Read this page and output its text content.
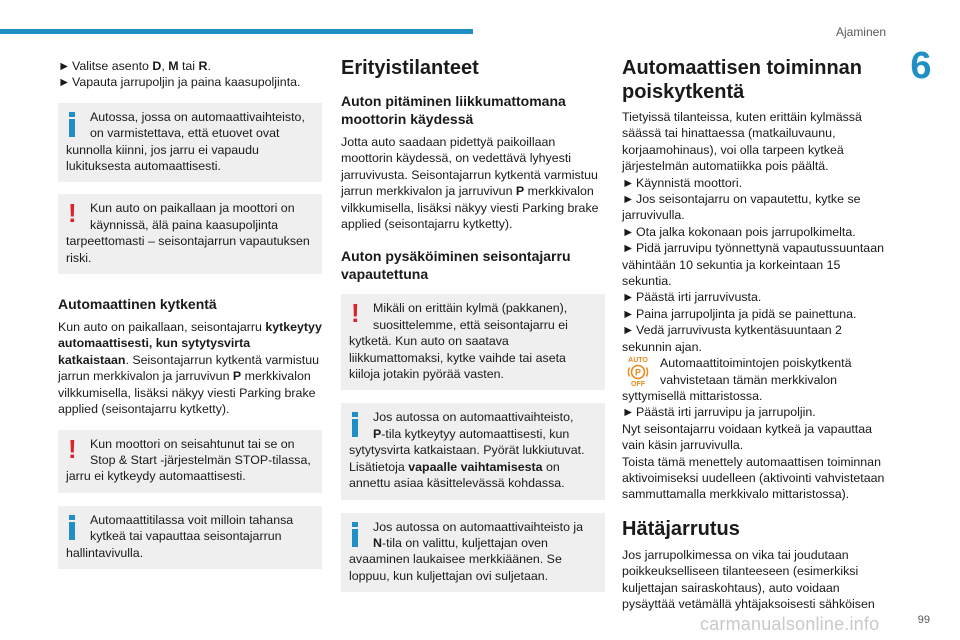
Ajaminen
6
99
carmanualsonline.info

► Valitse asento D, M tai R.

► Vapauta jarrupoljin ja paina kaasupoljinta.

Autossa, jossa on automaattivaihteisto,

on varmistettava, että etuovet ovat

kunnolla kiinni, jos jarru ei vapaudu lukituksesta automaattisesti.

!	Kun auto on paikallaan ja moottori on

käynnissä, älä paina kaasupoljinta

tarpeettomasti – seisontajarrun vapautuksen riski.

Automaattinen kytkentä

Kun auto on paikallaan, seisontajarru kytkeytyy automaattisesti, kun sytytysvirta katkaistaan. Seisontajarrun kytkentä varmistuu jarrun merkkivalon ja jarruvivun P merkkivalon vilkkumisella, lisäksi näkyy viesti Parking brake applied (seisontajarru kytketty).

!	Kun moottori on seisahtunut tai se on

Stop & Start -järjestelmän STOP-tilassa,

jarru ei kytkeydy automaattisesti.

Automaattitilassa voit milloin tahansa

kytkeä tai vapauttaa seisontajarrun

hallintavivulla.

Erityistilanteet
Auton pitäminen liikkumattomana moottorin käydessä

Jotta auto saadaan pidettyä paikoillaan moottorin käydessä, on vedettävä lyhyesti jarruvivusta. Seisontajarrun kytkentä varmistuu jarrun merkkivalon ja jarruvivun P merkkivalon vilkkumisella, lisäksi näkyy viesti Parking brake applied (seisontajarru kytketty).

Auton pysäköiminen seisontajarru vapautettuna
!	Mikäli on erittäin kylmä (pakkanen),

suosittelemme, että seisontajarru ei

kytketä. Kun auto on saatava liikkumattomaksi, kytke vaihde tai aseta kiiloja jotakin pyörää vasten.

Jos autossa on automaattivaihteisto,

P-tila kytkeytyy automaattisesti, kun

sytytysvirta katkaistaan. Pyörät lukkiutuvat. Lisätietoja vapaalle vaihtamisesta on annettu asiaa käsittelevässä kohdassa.

Jos autossa on automaattivaihteisto ja

N-tila on valittu, kuljettajan oven

avaaminen laukaisee merkkiäänen. Se loppuu, kun kuljettajan ovi suljetaan.

Automaattisen toiminnan poiskytkentä

Tietyissä tilanteissa, kuten erittäin kylmässä säässä tai hinattaessa (matkailuvaunu, korjaamohinaus), voi olla tarpeen kytkeä järjestelmän automatiikka pois päältä.

► Käynnistä moottori.

► Jos seisontajarru on vapautettu, kytke se jarruvivulla.

► Ota jalka kokonaan pois jarrupolkimelta.

► Pidä jarruvipu työnnettynä vapautussuuntaan vähintään 10 sekuntia ja korkeintaan 15 sekuntia.

► Päästä irti jarruvivusta.

► Paina jarrupoljinta ja pidä se painettuna.

► Vedä jarruvivusta kytkentäsuuntaan 2 sekunnin ajan.

AUTO
P
OFF

Automaattitoimintojen poiskytkentä

vahvistetaan tämän merkkivalon

syttymisellä mittaristossa.

► Päästä irti jarruvipu ja jarrupoljin.

Nyt seisontajarru voidaan kytkeä ja vapauttaa vain käsin jarruvivulla.

Toista tämä menettely automaattisen toiminnan aktivoimiseksi uudelleen (aktivointi vahvistetaan sammuttamalla merkkivalo mittaristossa).

Hätäjarrutus

Jos jarrupolkimessa on vika tai joudutaan poikkeukselliseen tilanteeseen (esimerkiksi kuljettajan sairaskohtaus), auto voidaan pysäyttää vetämällä yhtäjaksoisesti sähköisen
